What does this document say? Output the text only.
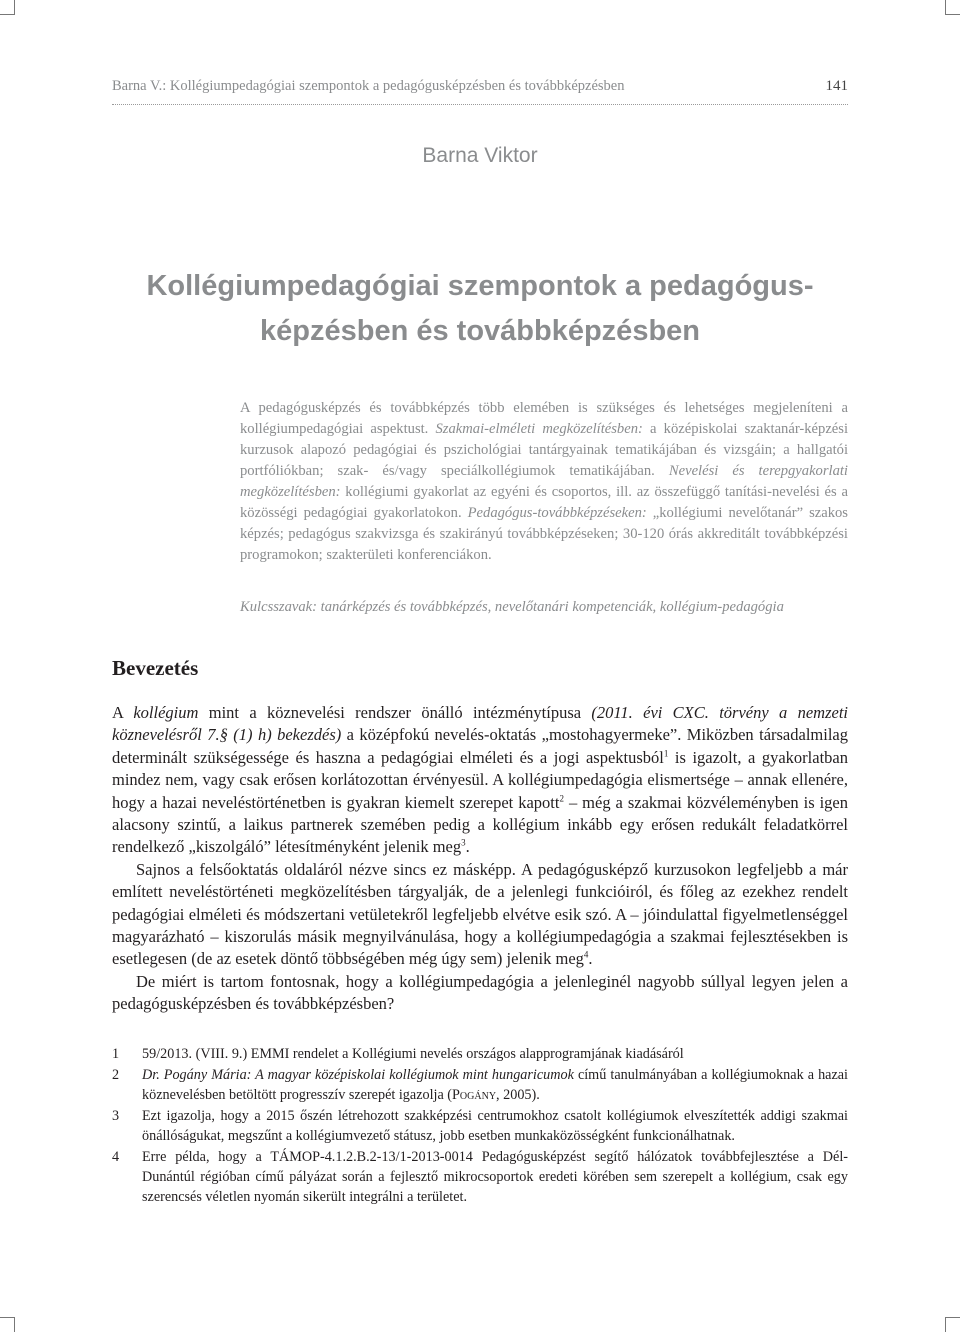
Barna V.: Kollégiumpedagógiai szempontok a pedagógusképzésben és továbbképzésben	141
Barna Viktor
Kollégiumpedagógiai szempontok a pedagógusképzésben és továbbképzésben

A pedagógusképzés és továbbképzés több elemében is szükséges és lehetséges megjeleníteni a kollégiumpedagógiai aspektust. Szakmai-elméleti megközelítésben: a középiskolai szaktanár-képzési kurzusok alapozó pedagógiai és pszichológiai tantárgyainak tematikájában és vizsgáin; a hallgatói portfóliókban; szak- és/vagy speciálkollégiumok tematikájában. Nevelési és terepgyakorlati megközelítésben: kollégiumi gyakorlat az egyéni és csoportos, ill. az összefüggő tanítási-nevelési és a közösségi pedagógiai gyakorlatokon. Pedagógus-továbbképzéseken: „kollégiumi nevelőtanár” szakos képzés; pedagógus szakvizsga és szakirányú továbbképzéseken; 30-120 órás akkreditált továbbképzési programokon; szakterületi konferenciákon.

Kulcsszavak: tanárképzés és továbbképzés, nevelőtanári kompetenciák, kollégium-pedagógia

Bevezetés

A kollégium mint a köznevelési rendszer önálló intézménytípusa (2011. évi CXC. törvény a nemzeti köznevelésről 7.§ (1) h) bekezdés) a középfokú nevelés-oktatás „mostohagyermeke”. Miközben társadalmilag determinált szükségessége és haszna a pedagógiai elméleti és a jogi aspektusból$^1$ is igazolt, a gyakorlatban mindez nem, vagy csak erősen korlátozottan érvényesül. A kollégiumpedagógia elismertsége – annak ellenére, hogy a hazai neveléstörténetben is gyakran kiemelt szerepet kapott$^2$ – még a szakmai közvéleményben is igen alacsony szintű, a laikus partnerek szemében pedig a kollégium inkább egy erősen redukált feladatkörrel rendelkező „kiszolgáló” létesítményként jelenik meg$^3$.

Sajnos a felsőoktatás oldaláról nézve sincs ez másképp. A pedagógusképző kurzusokon legfeljebb a már említett neveléstörténeti megközelítésben tárgyalják, de a jelenlegi funkcióiról, és főleg az ezekhez rendelt pedagógiai elméleti és módszertani vetületekről legfeljebb elvétve esik szó. A – jóindulattal figyelmetlenséggel magyarázható – kiszorulás másik megnyilvánulása, hogy a kollégiumpedagógia a szakmai fejlesztésekben is esetlegesen (de az esetek döntő többségében még úgy sem) jelenik meg$^4$.

De miért is tartom fontosnak, hogy a kollégiumpedagógia a jelenleginél nagyobb súllyal legyen jelen a pedagógusképzésben és továbbképzésben?

1	59/2013. (VIII. 9.) EMMI rendelet a Kollégiumi nevelés országos alapprogramjának kiadásáról
2	Dr. Pogány Mária: A magyar középiskolai kollégiumok mint hungaricumok című tanulmányában a kollégiumoknak a hazai köznevelésben betöltött progresszív szerepét igazolja (Pogány, 2005).
3	Ezt igazolja, hogy a 2015 őszén létrehozott szakképzési centrumokhoz csatolt kollégiumok elveszítették addigi szakmai önállóságukat, megszűnt a kollégiumvezető státusz, jobb esetben munkaközösségként funkcionálhatnak.
4	Erre példa, hogy a TÁMOP-4.1.2.B.2-13/1-2013-0014 Pedagógusképzést segítő hálózatok továbbfejlesztése a Dél-Dunántúl régióban című pályázat során a fejlesztő mikrocsoportok eredeti körében sem szerepelt a kollégium, csak egy szerencsés véletlen nyomán sikerült integrálni a területet.
